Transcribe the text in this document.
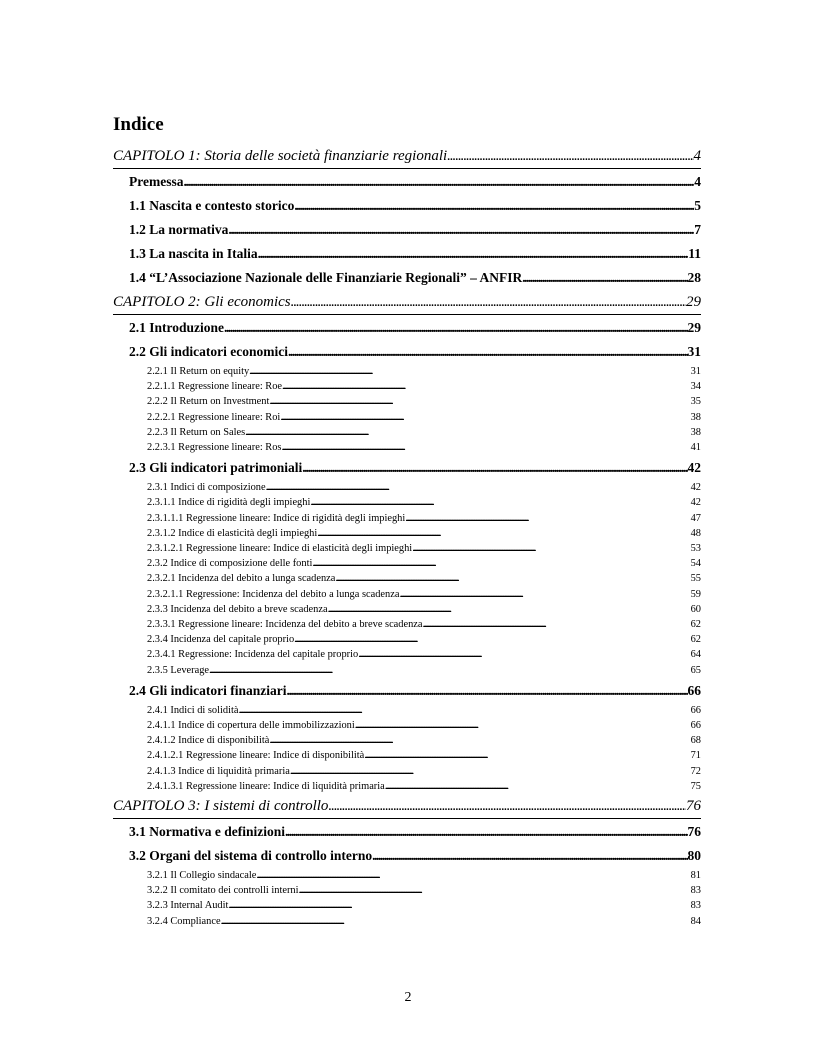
Indice
CAPITOLO 1: Storia delle società finanziarie regionali . . .	4
Premessa . . .	4
1.1 Nascita e contesto storico . . .	5
1.2 La normativa . . .	7
1.3 La nascita in Italia . . .	11
1.4 “L’Associazione Nazionale delle Finanziarie Regionali” – ANFIR . . .	28
CAPITOLO 2: Gli economics . . .	29
2.1 Introduzione . . .	29
2.2 Gli indicatori economici . . .	31
2.2.1 Il Return on equity . . .	31
2.2.1.1 Regressione lineare: Roe . . .	34
2.2.2 Il Return on Investment . . .	35
2.2.2.1 Regressione lineare: Roi . . .	38
2.2.3 Il Return on Sales . . .	38
2.2.3.1 Regressione lineare: Ros . . .	41
2.3 Gli indicatori patrimoniali . . .	42
2.3.1 Indici di composizione . . .	42
2.3.1.1 Indice di rigidità degli impieghi . . .	42
2.3.1.1.1 Regressione lineare: Indice di rigidità degli impieghi . . .	47
2.3.1.2 Indice di elasticità degli impieghi . . .	48
2.3.1.2.1 Regressione lineare: Indice di elasticità degli impieghi . . .	53
2.3.2 Indice di composizione delle fonti . . .	54
2.3.2.1 Incidenza del debito a lunga scadenza . . .	55
2.3.2.1.1 Regressione: Incidenza del debito a lunga scadenza . . .	59
2.3.3 Incidenza del debito a breve scadenza . . .	60
2.3.3.1 Regressione lineare: Incidenza del debito a breve scadenza . . .	62
2.3.4 Incidenza del capitale proprio . . .	62
2.3.4.1 Regressione: Incidenza del capitale proprio . . .	64
2.3.5 Leverage . . .	65
2.4 Gli indicatori finanziari . . .	66
2.4.1 Indici di solidità . . .	66
2.4.1.1 Indice di copertura delle immobilizzazioni . . .	66
2.4.1.2 Indice di disponibilità . . .	68
2.4.1.2.1 Regressione lineare: Indice di disponibilità . . .	71
2.4.1.3 Indice di liquidità primaria . . .	72
2.4.1.3.1 Regressione lineare: Indice di liquidità primaria . . .	75
CAPITOLO 3: I sistemi di controllo . . .	76
3.1 Normativa e definizioni . . .	76
3.2 Organi del sistema di controllo interno . . .	80
3.2.1 Il Collegio sindacale . . .	81
3.2.2 Il comitato dei controlli interni . . .	83
3.2.3 Internal Audit . . .	83
3.2.4 Compliance . . .	84
2
